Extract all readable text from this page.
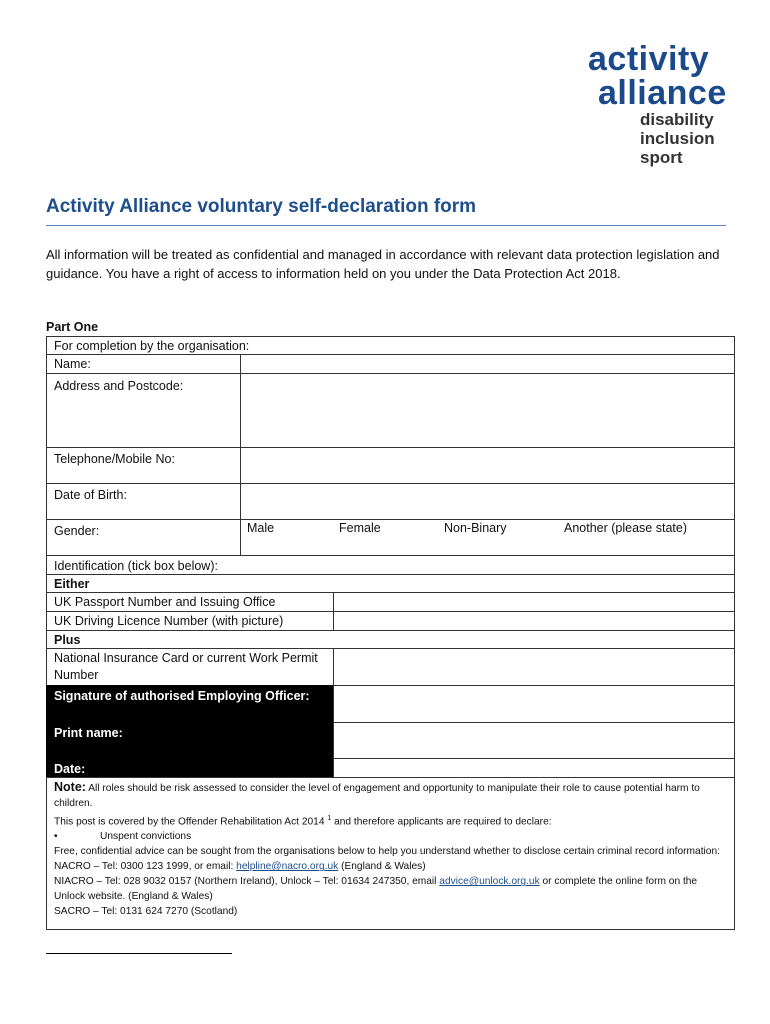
activity
alliance
disability inclusion sport
Activity Alliance voluntary self-declaration form
All information will be treated as confidential and managed in accordance with relevant data protection legislation and guidance. You have a right of access to information held on you under the Data Protection Act 2018.
Part One
For completion by the organisation:
Name:
Address and Postcode:
Telephone/Mobile No:
Date of Birth:
Gender:	Male	Female	Non-Binary	Another (please state)
Identification (tick box below):
Either
UK Passport Number and Issuing Office
UK Driving Licence Number (with picture)
Plus
National Insurance Card or current Work Permit Number
Signature of authorised Employing Officer:
Print name:
Date:
Note: All roles should be risk assessed to consider the level of engagement and opportunity to manipulate their role to cause potential harm to children.
This post is covered by the Offender Rehabilitation Act 2014 $^1$ and therefore applicants are required to declare:
•	Unspent convictions
Free, confidential advice can be sought from the organisations below to help you understand whether to disclose certain criminal record information:
NACRO – Tel: 0300 123 1999, or email: helpline@nacro.org.uk (England & Wales)
NIACRO – Tel: 028 9032 0157 (Northern Ireland), Unlock – Tel: 01634 247350, email advice@unlock.org.uk or complete the online form on the Unlock website. (England & Wales)
SACRO – Tel: 0131 624 7270 (Scotland)
